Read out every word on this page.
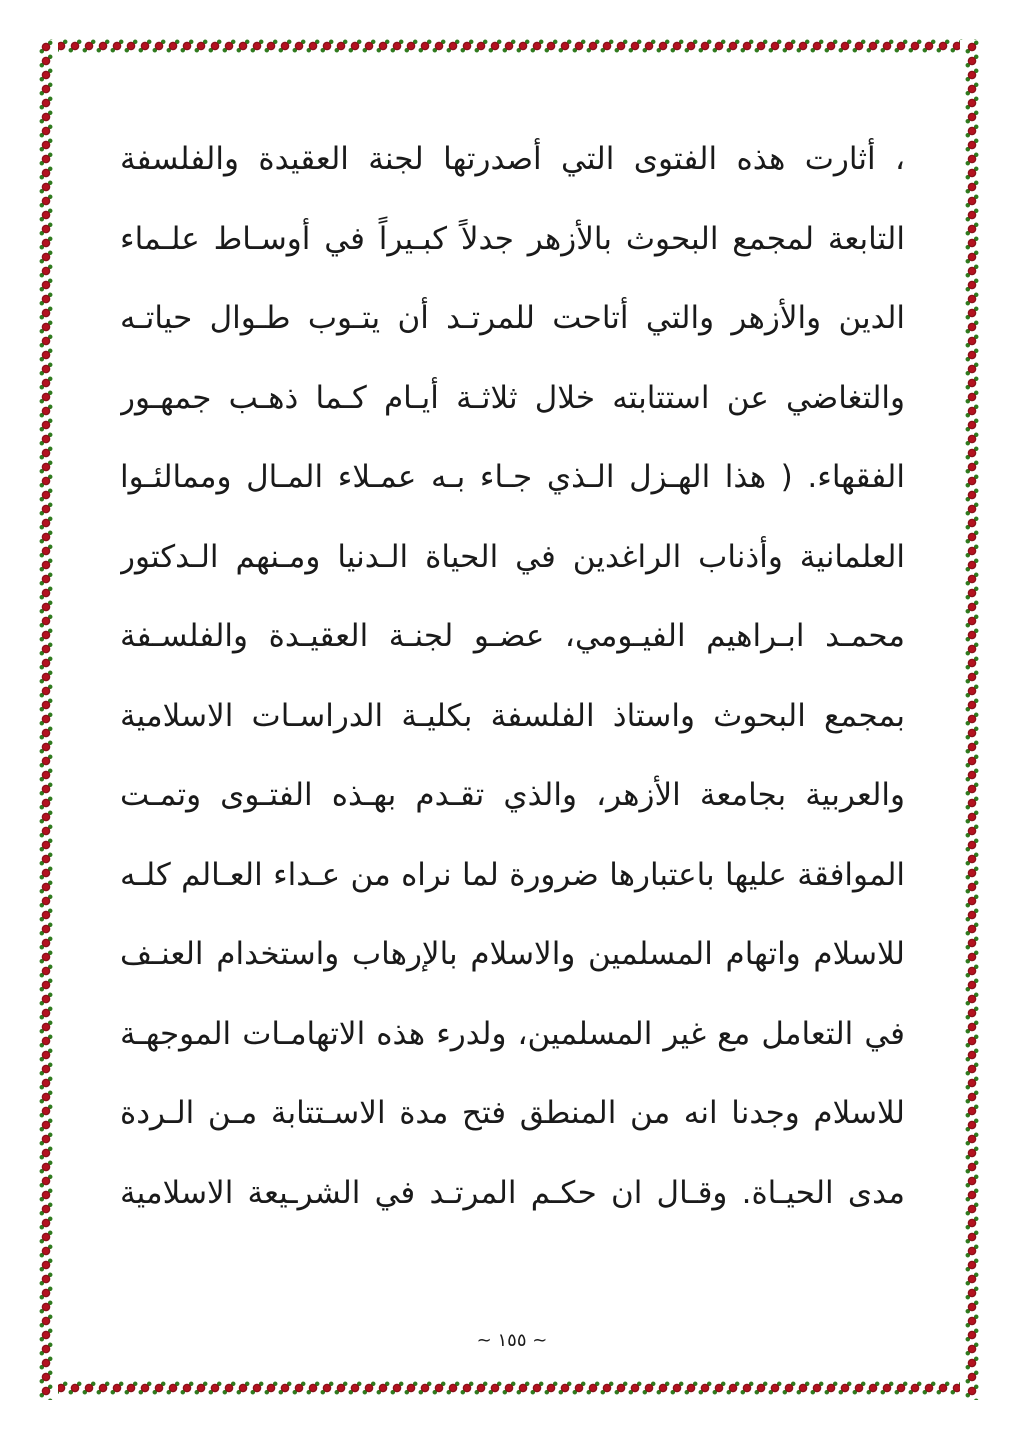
، أثارت هذه الفتوى التي أصدرتها لجنة العقيدة والفلسفة
التابعة لمجمع البحوث بالأزهر جدلاً كبـيراً في أوسـاط علـماء
الدين والأزهر والتي أتاحت للمرتـد أن يتـوب طـوال حياتـه
والتغاضي عن استتابته خلال ثلاثـة أيـام كـما ذهـب جمهـور
الفقهاء. ( هذا الهـزل الـذي جـاء بـه عمـلاء المـال وممالئـوا
العلمانية وأذناب الراغدين في الحياة الـدنيا ومـنهم الـدكتور
محمـد ابـراهيم الفيـومي، عضـو لجنـة العقيـدة والفلسـفة
بمجمع البحوث واستاذ الفلسفة بكليـة الدراسـات الاسلامية
والعربية بجامعة الأزهر، والذي تقـدم بهـذه الفتـوى وتمـت
الموافقة عليها باعتبارها ضرورة لما نراه من عـداء العـالم كلـه
للاسلام واتهام المسلمين والاسلام بالإرهاب واستخدام العنـف
في التعامل مع غير المسلمين، ولدرء هذه الاتهامـات الموجهـة
للاسلام وجدنا انه من المنطق فتح مدة الاسـتتابة مـن الـردة
مدى الحيـاة. وقـال ان حكـم المرتـد في الشرـيعة الاسلامية
~ ١٥٥ ~
